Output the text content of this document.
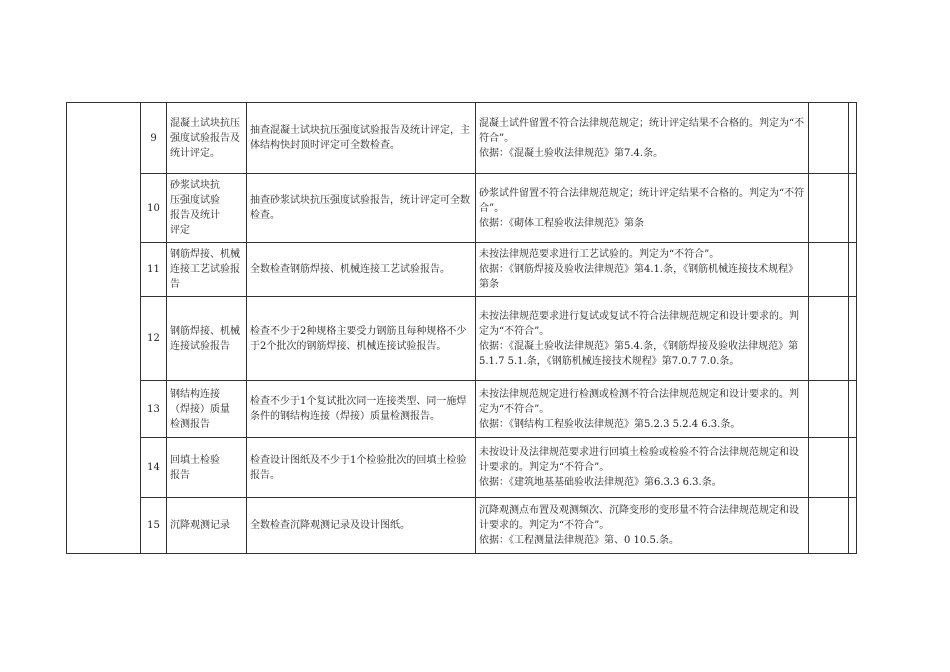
	9	混凝土试块抗压
强度试验报告及
统计评定。	抽查混凝土试块抗压强度试验报告及统计评定，主体结构快封顶时评定可全数检查。	混凝土试件留置不符合法律规范规定；统计评定结果不合格的。判定为“不符合”。
依据：《混凝土验收法律规范》第7.4.条。		

	10	砂浆试块抗
压强度试验
报告及统计
评定	抽查砂浆试块抗压强度试验报告，统计评定可全数检查。	砂浆试件留置不符合法律规范规定；统计评定结果不合格的。判定为“不符合”。
依据：《砌体工程验收法律规范》第条		

	11	钢筋焊接、机械
连接工艺试验报
告	全数检查钢筋焊接、机械连接工艺试验报告。	未按法律规范要求进行工艺试验的。判定为“不符合”。
依据：《钢筋焊接及验收法律规范》第4.1.条，《钢筋机械连接技术规程》第条		

	12	钢筋焊接、机械
连接试验报告	检查不少于2种规格主要受力钢筋且每种规格不少于2个批次的钢筋焊接、机械连接试验报告。	未按法律规范要求进行复试或复试不符合法律规范规定和设计要求的。判定为“不符合”。
依据：《混凝土验收法律规范》第5.4.条，《钢筋焊接及验收法律规范》第5.1.7 5.1.条，《钢筋机械连接技术规程》第7.0.7 7.0.条。		

	13	钢结构连接
（焊接）质量
检测报告	检查不少于1个复试批次同一连接类型、同一施焊条件的钢结构连接（焊接）质量检测报告。	未按法律规范规定进行检测或检测不符合法律规范规定和设计要求的。判定为“不符合”。
依据：《钢结构工程验收法律规范》第5.2.3 5.2.4 6.3.条。		

	14	回填土检验
报告	检查设计图纸及不少于1个检验批次的回填土检验报告。	未按设计及法律规范要求进行回填土检验或检验不符合法律规范规定和设计要求的。判定为“不符合”。
依据：《建筑地基基础验收法律规范》第6.3.3 6.3.条。		

	15	沉降观测记录	全数检查沉降观测记录及设计图纸。	沉降观测点布置及观测频次、沉降变形的变形量不符合法律规范规定和设计要求的。判定为“不符合”。
依据：《工程测量法律规范》第、0 10.5.条。		
